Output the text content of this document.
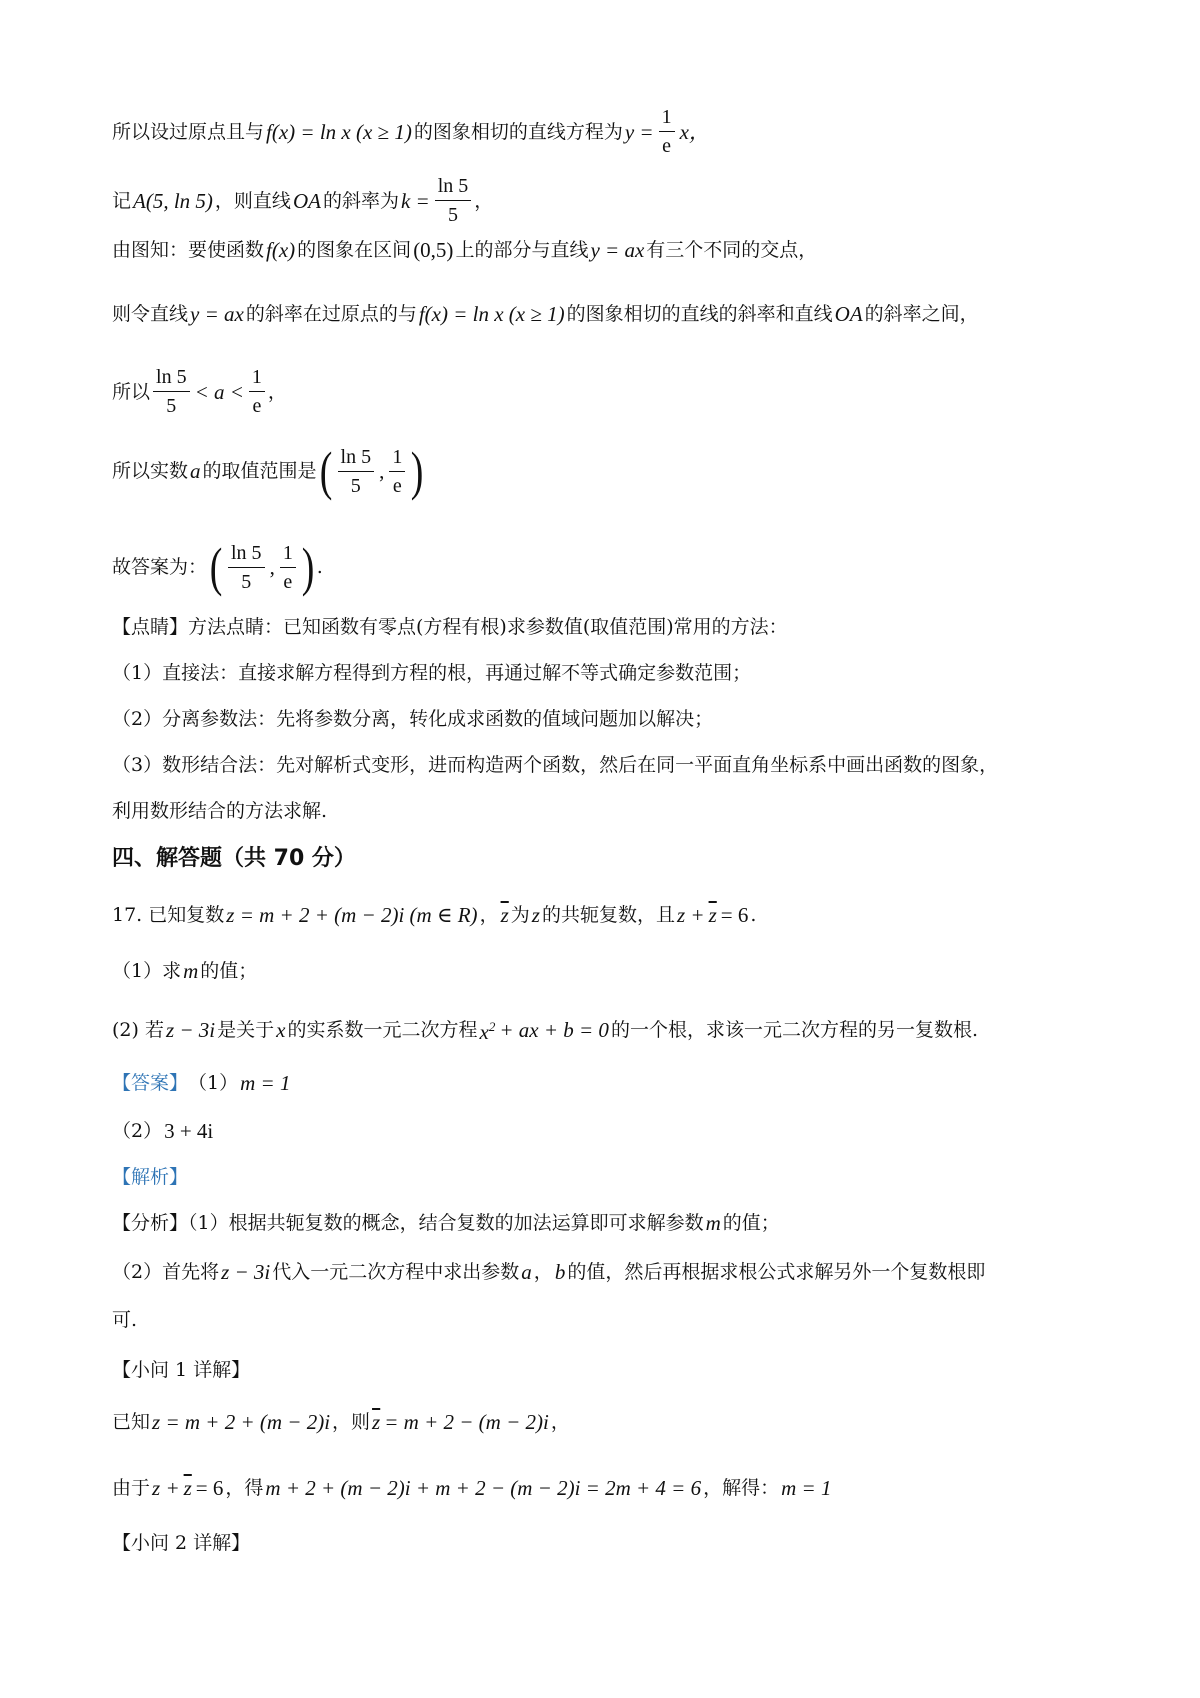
所以设过原点且与 f(x) = ln x (x ≥ 1) 的图象相切的直线方程为 $y = \frac{1}{e}$ x，
记 A(5, ln 5) ，则直线 OA 的斜率为 $k = \frac{\ln 5}{5}$ ，
由图知：要使函数 f(x) 的图象在区间 (0,5) 上的部分与直线 y = ax 有三个不同的交点，
则令直线 y = ax 的斜率在过原点的与 f(x) = ln x (x ≥ 1) 的图象相切的直线的斜率和直线 OA 的斜率之间，
所以 $\frac{\ln 5}{5} < a < \frac{1}{e}$ ，
所以实数 a 的取值范围是 ( $\frac{\ln 5}{5}$ , $\frac{1}{e}$ )
故答案为： ( $\frac{\ln 5}{5}$ , $\frac{1}{e}$ ) .
【点睛】方法点睛：已知函数有零点(方程有根)求参数值(取值范围)常用的方法：
（1）直接法：直接求解方程得到方程的根，再通过解不等式确定参数范围；
（2）分离参数法：先将参数分离，转化成求函数的值域问题加以解决；
（3）数形结合法：先对解析式变形，进而构造两个函数，然后在同一平面直角坐标系中画出函数的图象，
利用数形结合的方法求解.
四、解答题（共 70 分）
17. 已知复数 z = m + 2 + (m − 2)i (m ∈ R) ， $\overline{z}$ 为 z 的共轭复数，且 $z + \overline{z} = 6$ .
（1）求 m 的值；
(2) 若 z − 3i 是关于 x 的实系数一元二次方程 $x^2$ + ax + b = 0 的一个根，求该一元二次方程的另一复数根.
【答案】 （1） m = 1
（2） 3 + 4i
【解析】
【分析】（1）根据共轭复数的概念，结合复数的加法运算即可求解参数 m 的值；
（2）首先将 z − 3i 代入一元二次方程中求出参数 a ， b 的值，然后再根据求根公式求解另外一个复数根即
可.
【小问 1 详解】
已知 z = m + 2 + (m − 2)i ，则 $\overline{z} = m + 2 - (m - 2)i$ ，
由于 $z + \overline{z} = 6$ ，得 m + 2 + (m − 2)i + m + 2 − (m − 2)i = 2m + 4 = 6 ，解得： m = 1
【小问 2 详解】
